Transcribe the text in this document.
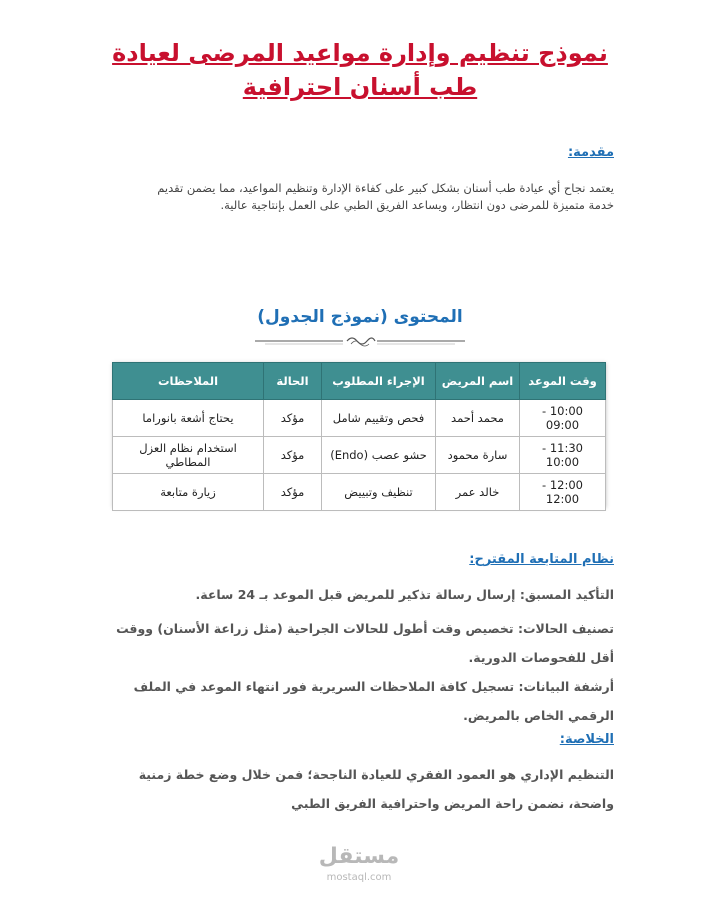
نموذج تنظيم وإدارة مواعيد المرضى لعيادة
طب أسنان احترافية

مقدمة:

يعتمد نجاح أي عيادة طب أسنان بشكل كبير على كفاءة الإدارة وتنظيم المواعيد، مما يضمن تقديم خدمة متميزة للمرضى دون انتظار، ويساعد الفريق الطبي على العمل بإنتاجية عالية.

المحتوى (نموذج الجدول)

وقت الموعد	اسم المريض	الإجراء المطلوب	الحالة	الملاحظات
10:00 - 09:00	محمد أحمد	فحص وتقييم شامل	مؤكد	يحتاج أشعة بانوراما
11:30 - 10:00	سارة محمود	حشو عصب (Endo)	مؤكد	استخدام نظام العزل المطاطي
12:00 - 12:00	خالد عمر	تنظيف وتبييض	مؤكد	زيارة متابعة

نظام المتابعة المقترح:

التأكيد المسبق: إرسال رسالة تذكير للمريض قبل الموعد بـ 24 ساعة.

تصنيف الحالات: تخصيص وقت أطول للحالات الجراحية (مثل زراعة الأسنان) ووقت أقل للفحوصات الدورية.

أرشفة البيانات: تسجيل كافة الملاحظات السريرية فور انتهاء الموعد في الملف الرقمي الخاص بالمريض.

الخلاصة:

التنظيم الإداري هو العمود الفقري للعيادة الناجحة؛ فمن خلال وضع خطة زمنية واضحة، نضمن راحة المريض واحترافية الفريق الطبي

مستقل
mostaql.com
